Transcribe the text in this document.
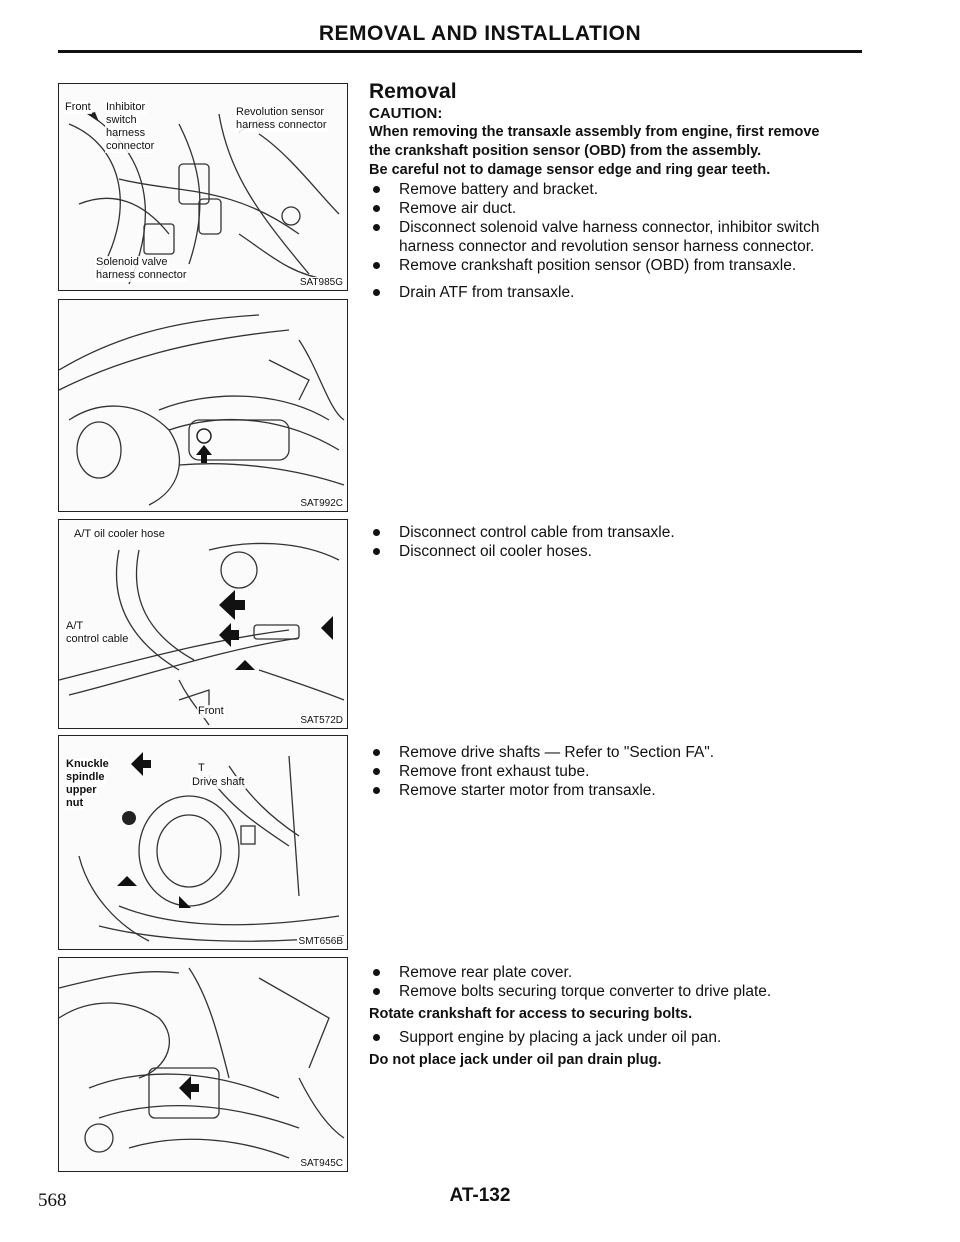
REMOVAL AND INSTALLATION
Front Inhibitor
switch
harness
connector
Revolution sensor
harness connector
Solenoid valve
harness connector
SAT985G
SAT992C
A/T oil cooler hose
A/T
control cable
Front
SAT572D
Knuckle
spindle
upper
nut
T
Drive shaft
SMT656B
SAT945C
Removal
CAUTION:
When removing the transaxle assembly from engine, first remove the crankshaft position sensor (OBD) from the assembly.
Be careful not to damage sensor edge and ring gear teeth.
Remove battery and bracket.
Remove air duct.
Disconnect solenoid valve harness connector, inhibitor switch harness connector and revolution sensor harness connector.
Remove crankshaft position sensor (OBD) from transaxle.
Drain ATF from transaxle.
Disconnect control cable from transaxle.
Disconnect oil cooler hoses.
Remove drive shafts — Refer to "Section FA".
Remove front exhaust tube.
Remove starter motor from transaxle.
Remove rear plate cover.
Remove bolts securing torque converter to drive plate.
Rotate crankshaft for access to securing bolts.
Support engine by placing a jack under oil pan.
Do not place jack under oil pan drain plug.
568	AT-132
